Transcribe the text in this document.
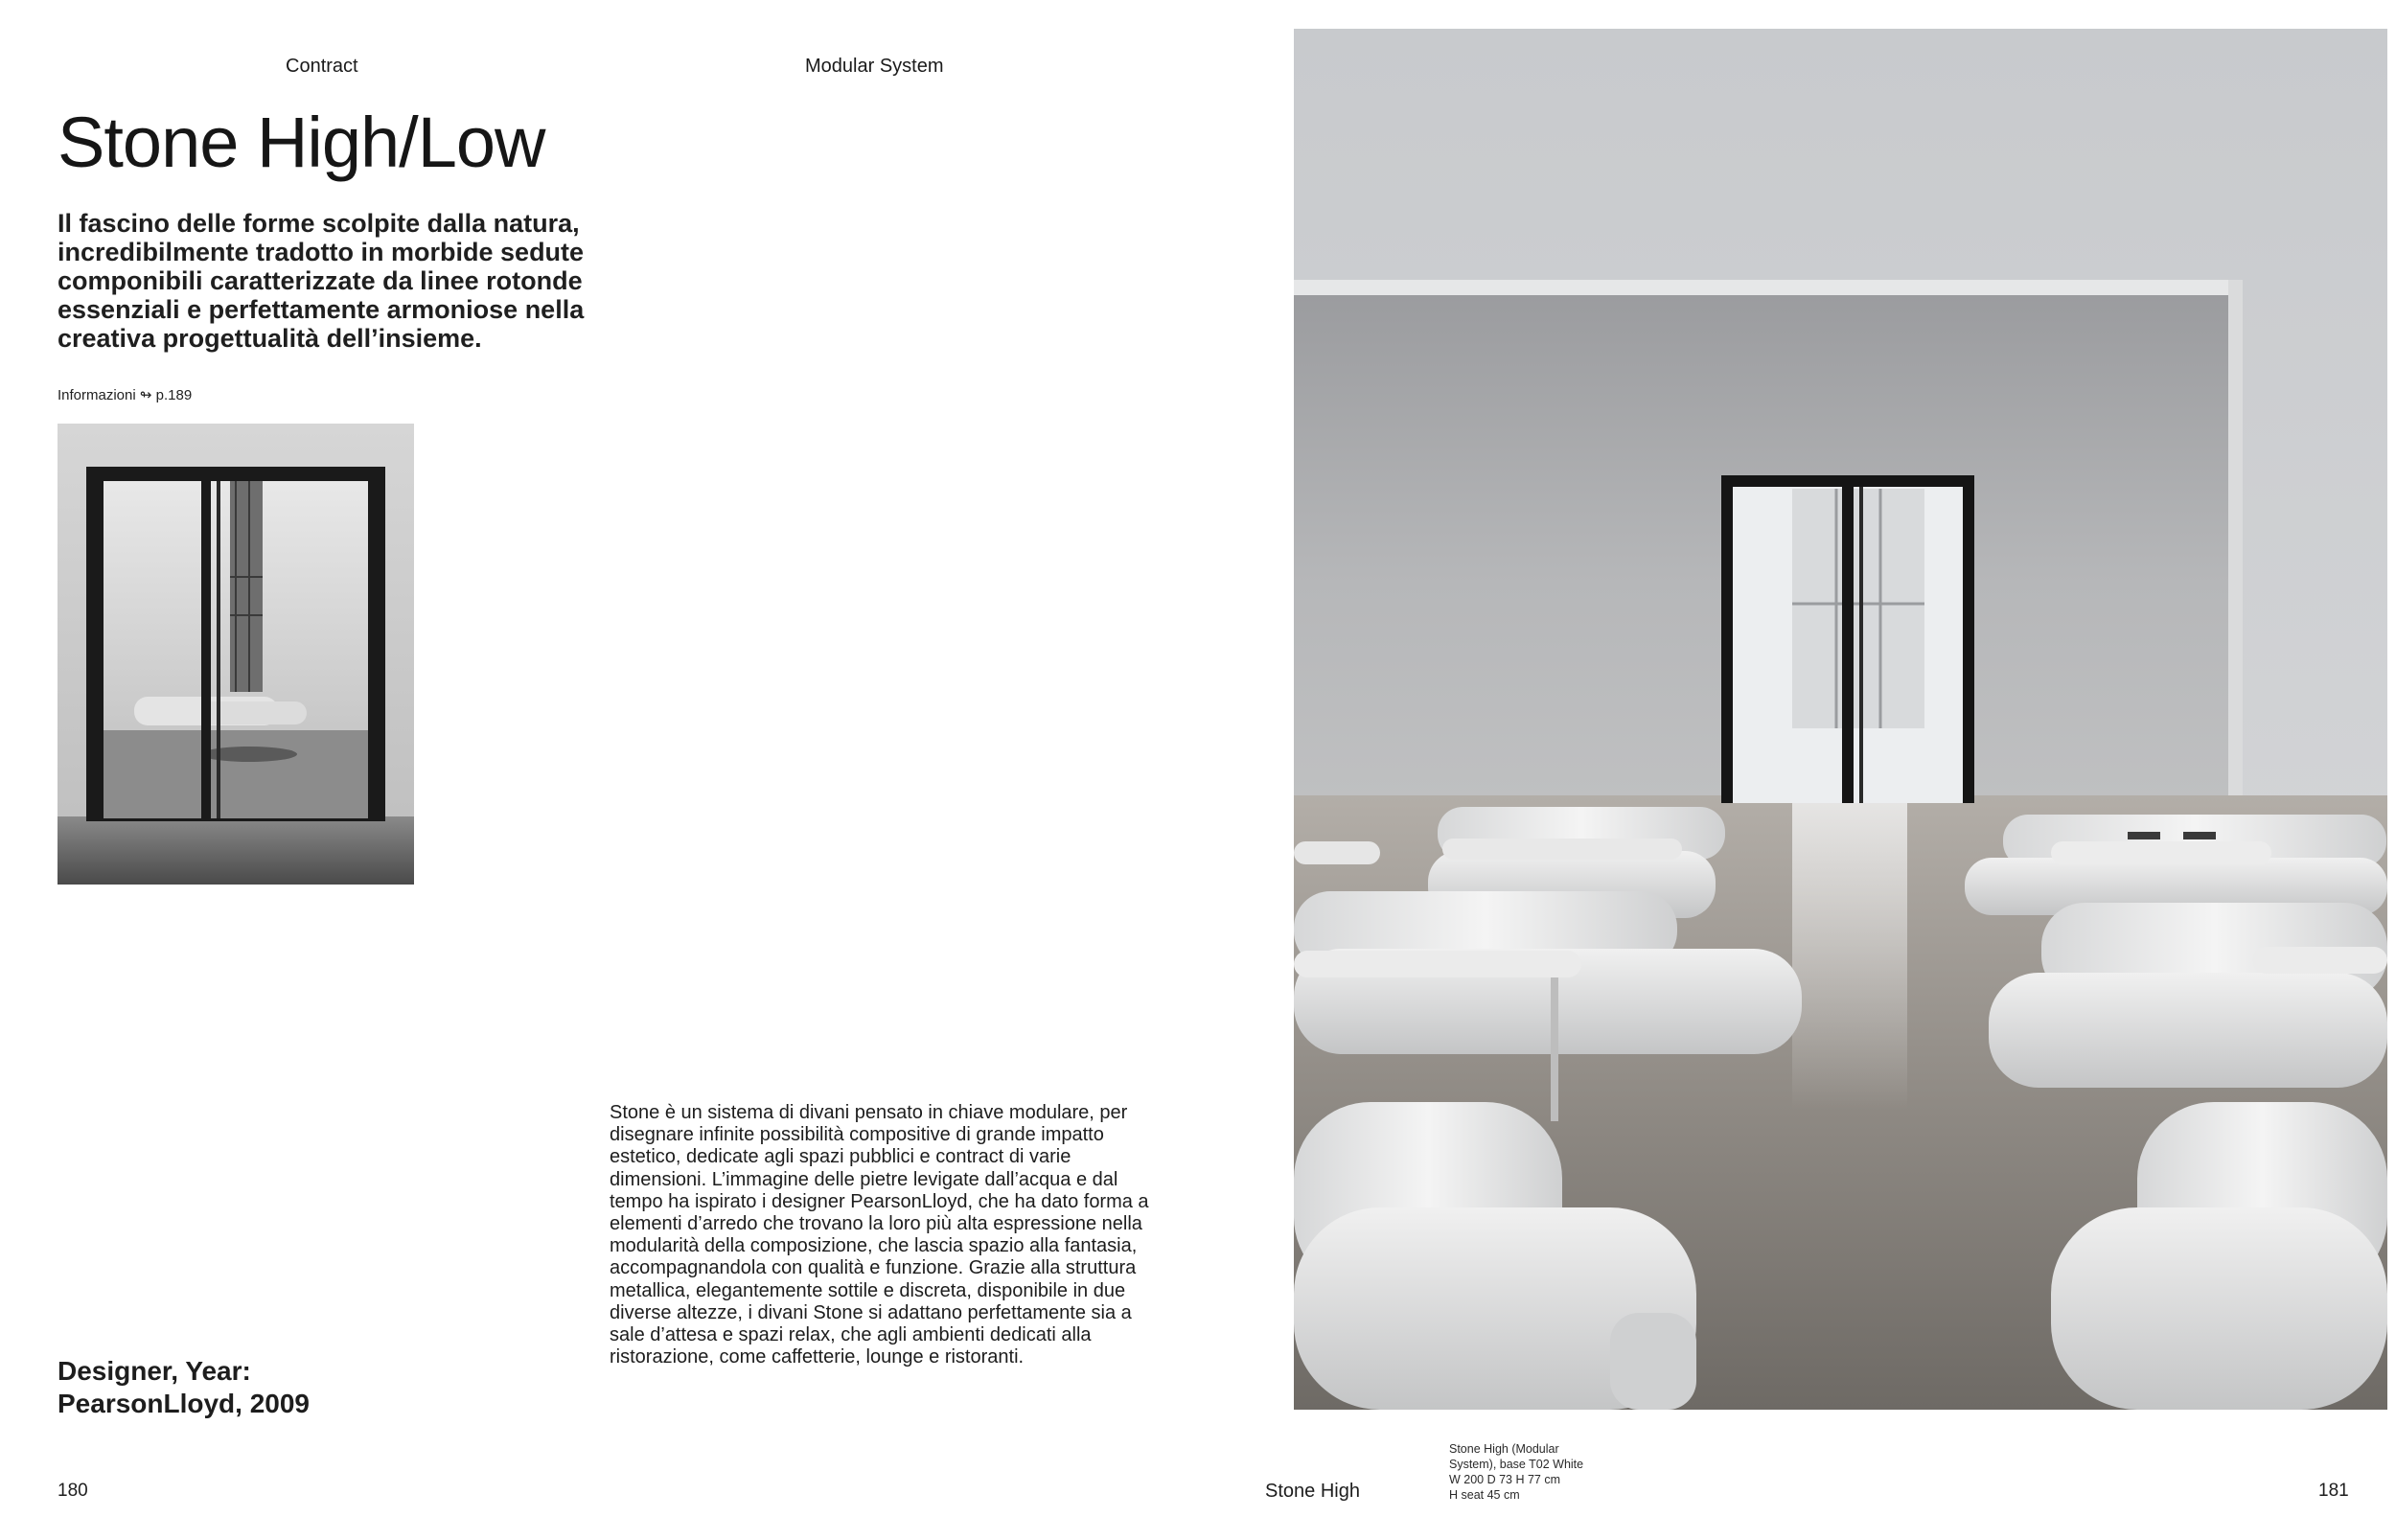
Contract	Modular System
Stone High/Low

Il fascino delle forme scolpite dalla natura, incredibilmente tradotto in morbide sedute componibili caratterizzate da linee rotonde essenziali e perfettamente armoniose nella creativa progettualità dell’insieme.

Informazioni ↬ p.189

Stone è un sistema di divani pensato in chiave modulare, per disegnare infinite possibilità compositive di grande impatto estetico, dedicate agli spazi pubblici e contract di varie dimensioni. L’immagine delle pietre levigate dall’acqua e dal tempo ha ispirato i designer PearsonLloyd, che ha dato forma a elementi d’arredo che trovano la loro più alta espressione nella modularità della composizione, che lascia spazio alla fantasia, accompagnandola con qualità e funzione. Grazie alla struttura metallica, elegantemente sottile e discreta, disponibile in due diverse altezze, i divani Stone si adattano perfettamente sia a sale d’attesa e spazi relax, che agli ambienti dedicati alla ristorazione, come caffetterie, lounge e ristoranti.

Designer, Year:
PearsonLloyd, 2009
180	Stone High
Stone High (Modular
System), base T02 White
W 200 D 73 H 77 cm
H seat 45 cm	181
